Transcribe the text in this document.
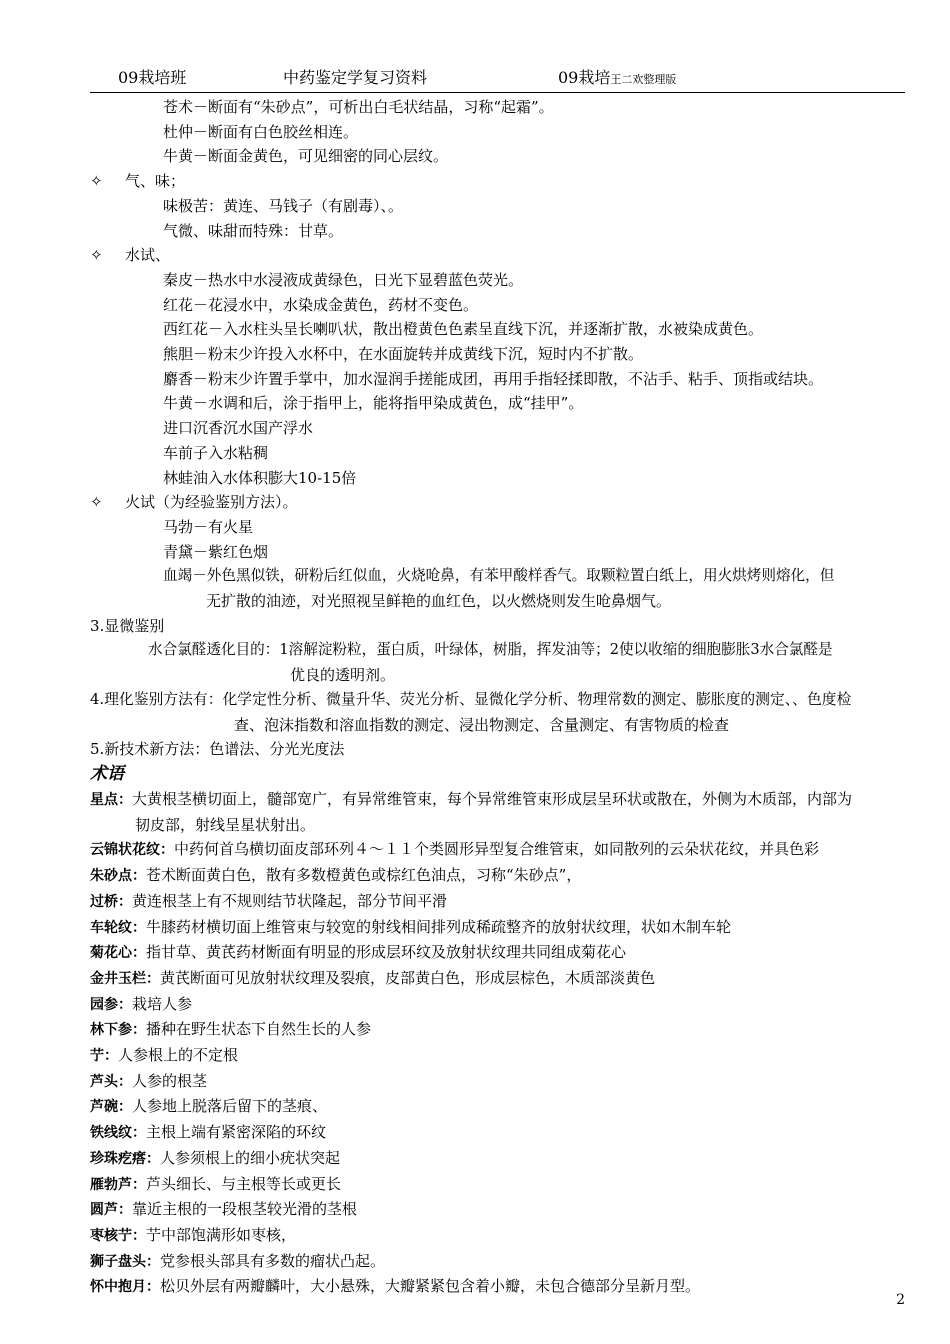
09栽培班	中药鉴定学复习资料	09栽培王二欢整理版
苍术－断面有“朱砂点”，可析出白毛状结晶，习称“起霜”。
杜仲－断面有白色胶丝相连。
牛黄－断面金黄色，可见细密的同心层纹。
✧ 气、味；
味极苦：黄连、马钱子（有剧毒）、。
气微、味甜而特殊：甘草。
✧ 水试、
秦皮－热水中水浸液成黄绿色，日光下显碧蓝色荧光。
红花－花浸水中，水染成金黄色，药材不变色。
西红花－入水柱头呈长喇叭状，散出橙黄色色素呈直线下沉，并逐渐扩散，水被染成黄色。
熊胆－粉末少许投入水杯中，在水面旋转并成黄线下沉，短时内不扩散。
麝香－粉末少许置手掌中，加水湿润手搓能成团，再用手指轻揉即散，不沾手、粘手、顶指或结块。
牛黄－水调和后，涂于指甲上，能将指甲染成黄色，成“挂甲”。
进口沉香沉水国产浮水
车前子入水粘稠
林蛙油入水体积膨大10-15倍
✧ 火试（为经验鉴别方法）。
马勃－有火星
青黛－紫红色烟
血竭－外色黑似铁，研粉后红似血，火烧呛鼻，有苯甲酸样香气。取颗粒置白纸上，用火烘烤则熔化，但
无扩散的油迹，对光照视呈鲜艳的血红色，以火燃烧则发生呛鼻烟气。
3.显微鉴别
水合氯醛透化目的：1溶解淀粉粒，蛋白质，叶绿体，树脂，挥发油等；2使以收缩的细胞膨胀3水合氯醛是
优良的透明剂。
4.理化鉴别方法有：化学定性分析、微量升华、荧光分析、显微化学分析、物理常数的测定、膨胀度的测定、、色度检
查、泡沫指数和溶血指数的测定、浸出物测定、含量测定、有害物质的检查
5.新技术新方法：色谱法、分光光度法
术语
星点：大黄根茎横切面上，髓部宽广，有异常维管束，每个异常维管束形成层呈环状或散在，外侧为木质部，内部为
韧皮部，射线呈星状射出。
云锦状花纹：中药何首乌横切面皮部环列４～１１个类圆形异型复合维管束，如同散列的云朵状花纹，并具色彩
朱砂点：苍术断面黄白色，散有多数橙黄色或棕红色油点，习称“朱砂点”，
过桥：黄连根茎上有不规则结节状隆起，部分节间平滑
车轮纹：牛膝药材横切面上维管束与较宽的射线相间排列成稀疏整齐的放射状纹理，状如木制车轮
菊花心：指甘草、黄芪药材断面有明显的形成层环纹及放射状纹理共同组成菊花心
金井玉栏：黄芪断面可见放射状纹理及裂痕，皮部黄白色，形成层棕色，木质部淡黄色
园参：栽培人参
林下参：播种在野生状态下自然生长的人参
艼：人参根上的不定根
芦头：人参的根茎
芦碗：人参地上脱落后留下的茎痕、
铁线纹：主根上端有紧密深陷的环纹
珍珠疙瘩：人参须根上的细小疣状突起
雁勃芦：芦头细长、与主根等长或更长
圆芦：靠近主根的一段根茎较光滑的茎根
枣核艼：艼中部饱满形如枣核，
狮子盘头：党参根头部具有多数的瘤状凸起。
怀中抱月：松贝外层有两瓣麟叶，大小悬殊，大瓣紧紧包含着小瓣，未包合德部分呈新月型。
2
